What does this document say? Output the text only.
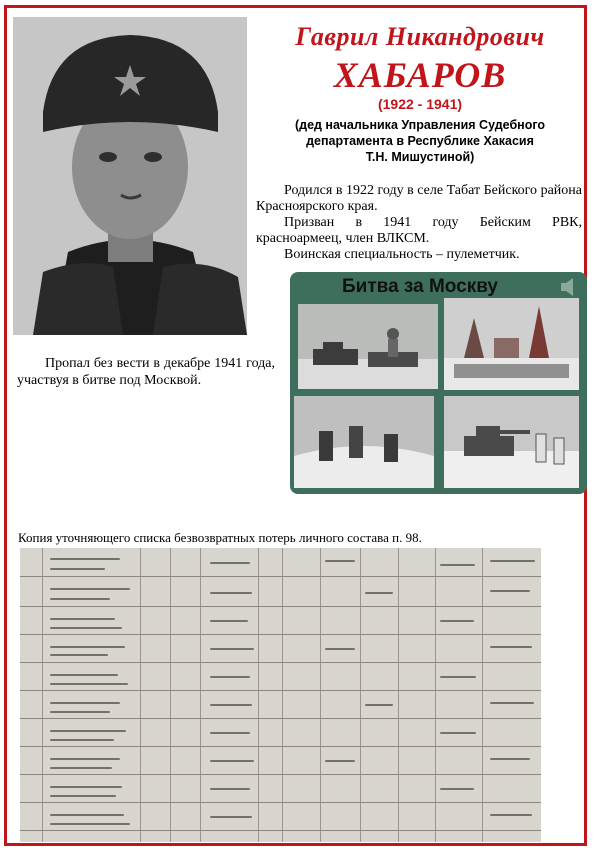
Гаврил Никандрович
ХАБАРОВ
(1922 - 1941)
(дед начальника Управления Судебного
департамента в Республике Хакасия
Т.Н. Мишустиной)

Родился в 1922 году в селе Табат Бейского района Красноярского края.

Призван в 1941 году Бейским РВК, красноармеец, член ВЛКСМ.

Воинская специальность – пулеметчик.

Пропал без вести в декабре 1941 года, участвуя в битве под Москвой.

Битва за Москву
Копия уточняющего списка безвозвратных потерь личного состава п. 98.
